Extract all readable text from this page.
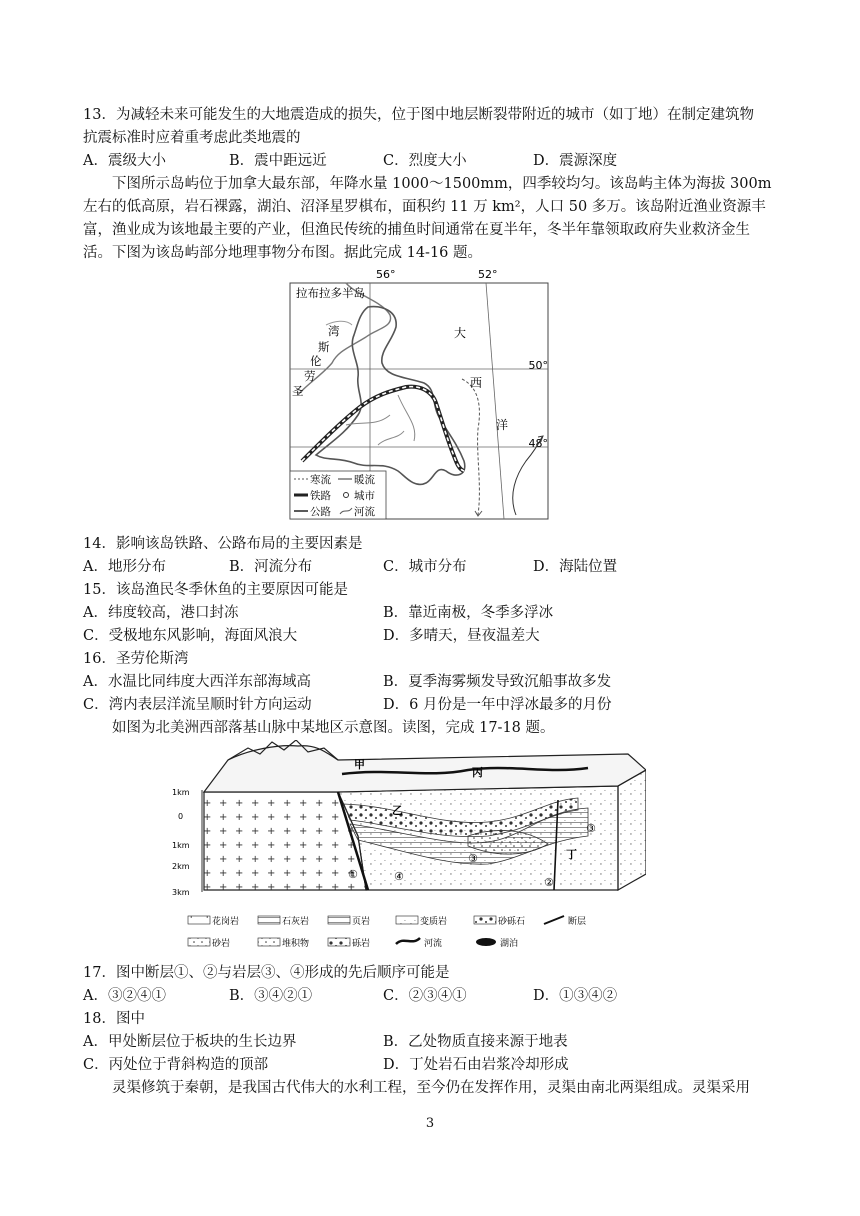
13．为减轻未来可能发生的大地震造成的损失，位于图中地层断裂带附近的城市（如丁地）在制定建筑物
抗震标准时应着重考虑此类地震的
A．震级大小	B．震中距远近	C．烈度大小	D．震源深度
下图所示岛屿位于加拿大最东部，年降水量 1000～1500mm，四季较均匀。该岛屿主体为海拔 300m
左右的低高原，岩石裸露，湖泊、沼泽星罗棋布，面积约 11 万 km²，人口 50 多万。该岛附近渔业资源丰
富，渔业成为该地最主要的产业，但渔民传统的捕鱼时间通常在夏半年，冬半年靠领取政府失业救济金生
活。下图为该岛屿部分地理事物分布图。据此完成 14-16 题。
56°	52°
50°
48°
拉布拉多半岛
湾
斯
伦
劳
圣
大
西
洋
寒流 暖流
铁路 城市
公路 河流
14．影响该岛铁路、公路布局的主要因素是
A．地形分布	B．河流分布	C．城市分布	D．海陆位置
15．该岛渔民冬季休鱼的主要原因可能是
A．纬度较高，港口封冻	B．靠近南极，冬季多浮冰
C．受极地东风影响，海面风浪大	D．多晴天，昼夜温差大
16．圣劳伦斯湾
A．水温比同纬度大西洋东部海域高	B．夏季海雾频发导致沉船事故多发
C．湾内表层洋流呈顺时针方向运动	D．6 月份是一年中浮冰最多的月份
如图为北美洲西部落基山脉中某地区示意图。读图，完成 17-18 题。
1km
0
1km
2km
3km
甲
乙
丙
丁
①
②
③
④
③
花岗岩	石灰岩	页岩	变质岩	砂砾石	断层
砂岩	堆积物	砾岩	河流	湖泊
17．图中断层①、②与岩层③、④形成的先后顺序可能是
A．③②④①	B．③④②①	C．②③④①	D．①③④②
18．图中
A．甲处断层位于板块的生长边界	B．乙处物质直接来源于地表
C．丙处位于背斜构造的顶部	D．丁处岩石由岩浆冷却形成
灵渠修筑于秦朝，是我国古代伟大的水利工程，至今仍在发挥作用，灵渠由南北两渠组成。灵渠采用
3
